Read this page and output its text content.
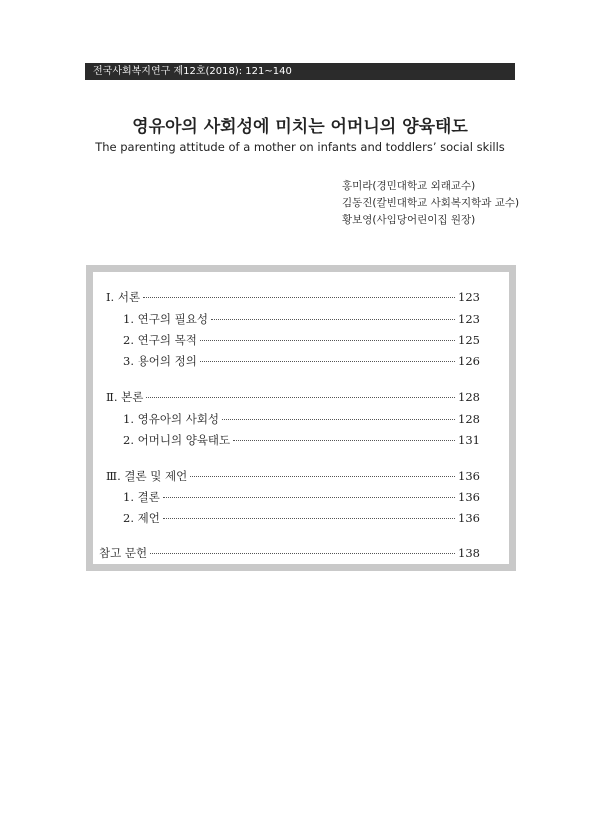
전국사회복지연구 제12호(2018): 121~140
영유아의 사회성에 미치는 어머니의 양육태도
The parenting attitude of a mother on infants and toddlers’ social skills
홍미라(경민대학교 외래교수)
김동진(칼빈대학교 사회복지학과 교수)
황보영(사임당어린이집 원장)
Ⅰ. 서론	123
1. 연구의 필요성	123
2. 연구의 목적	125
3. 용어의 정의	126
Ⅱ. 본론	128
1. 영유아의 사회성	128
2. 어머니의 양육태도	131
Ⅲ. 결론 및 제언	136
1. 결론	136
2. 제언	136
참고 문헌	138
